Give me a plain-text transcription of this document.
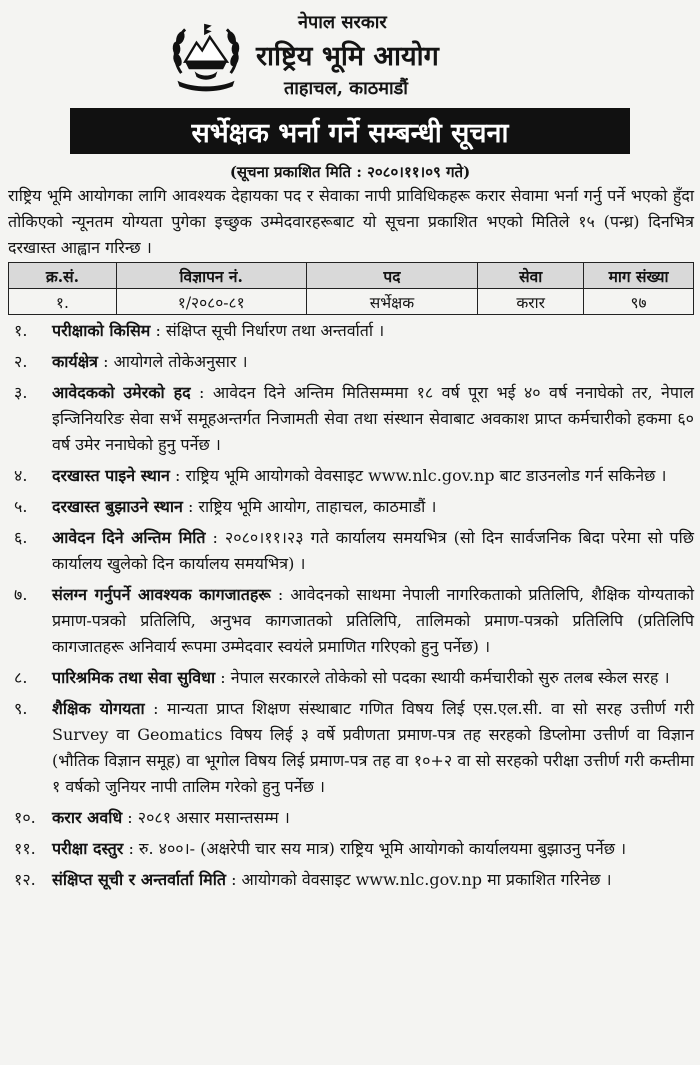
नेपाल सरकार
राष्ट्रिय भूमि आयोग
ताहाचल, काठमाडौं
सर्भेक्षक भर्ना गर्ने सम्बन्धी सूचना
(सूचना प्रकाशित मिति : २०८०।११।०९ गते)

राष्ट्रिय भूमि आयोगका लागि आवश्यक देहायका पद र सेवाका नापी प्राविधिकहरू करार सेवामा भर्ना गर्नु पर्ने भएको हुँदा तोकिएको न्यूनतम योग्यता पुगेका इच्छुक उम्मेदवारहरूबाट यो सूचना प्रकाशित भएको मितिले १५ (पन्ध्र) दिनभित्र दरखास्त आह्वान गरिन्छ ।

क्र.सं.	विज्ञापन नं.	पद	सेवा	माग संख्या
१.	१/२०८०-८१	सर्भेक्षक	करार	९७
१.	परीक्षाको किसिम : संक्षिप्त सूची निर्धारण तथा अन्तर्वार्ता ।
२.	कार्यक्षेत्र : आयोगले तोकेअनुसार ।
३.	आवेदकको उमेरको हद : आवेदन दिने अन्तिम मितिसम्ममा १८ वर्ष पूरा भई ४० वर्ष ननाघेको तर, नेपाल इन्जिनियरिङ सेवा सर्भे समूहअन्तर्गत निजामती सेवा तथा संस्थान सेवाबाट अवकाश प्राप्त कर्मचारीको हकमा ६० वर्ष उमेर ननाघेको हुनु पर्नेछ ।
४.	दरखास्त पाइने स्थान : राष्ट्रिय भूमि आयोगको वेवसाइट www.nlc.gov.np बाट डाउनलोड गर्न सकिनेछ ।
५.	दरखास्त बुझाउने स्थान : राष्ट्रिय भूमि आयोग, ताहाचल, काठमाडौं ।
६.	आवेदन दिने अन्तिम मिति : २०८०।११।२३ गते कार्यालय समयभित्र (सो दिन सार्वजनिक बिदा परेमा सो पछि कार्यालय खुलेको दिन कार्यालय समयभित्र) ।
७.	संलग्न गर्नुपर्ने आवश्यक कागजातहरू : आवेदनको साथमा नेपाली नागरिकताको प्रतिलिपि, शैक्षिक योग्यताको प्रमाण-पत्रको प्रतिलिपि, अनुभव कागजातको प्रतिलिपि, तालिमको प्रमाण-पत्रको प्रतिलिपि (प्रतिलिपि कागजातहरू अनिवार्य रूपमा उम्मेदवार स्वयंले प्रमाणित गरिएको हुनु पर्नेछ) ।
८.	पारिश्रमिक तथा सेवा सुविधा : नेपाल सरकारले तोकेको सो पदका स्थायी कर्मचारीको सुरु तलब स्केल सरह ।
९.	शैक्षिक योगयता : मान्यता प्राप्त शिक्षण संस्थाबाट गणित विषय लिई एस.एल.सी. वा सो सरह उत्तीर्ण गरी Survey वा Geomatics विषय लिई ३ वर्षे प्रवीणता प्रमाण-पत्र तह सरहको डिप्लोमा उत्तीर्ण वा विज्ञान (भौतिक विज्ञान समूह) वा भूगोल विषय लिई प्रमाण-पत्र तह वा १०+२ वा सो सरहको परीक्षा उत्तीर्ण गरी कम्तीमा १ वर्षको जुनियर नापी तालिम गरेको हुनु पर्नेछ ।
१०.	करार अवधि : २०८१ असार मसान्तसम्म ।
११.	परीक्षा दस्तुर : रु. ४००।- (अक्षरेपी चार सय मात्र) राष्ट्रिय भूमि आयोगको कार्यालयमा बुझाउनु पर्नेछ ।
१२.	संक्षिप्त सूची र अन्तर्वार्ता मिति : आयोगको वेवसाइट www.nlc.gov.np मा प्रकाशित गरिनेछ ।
